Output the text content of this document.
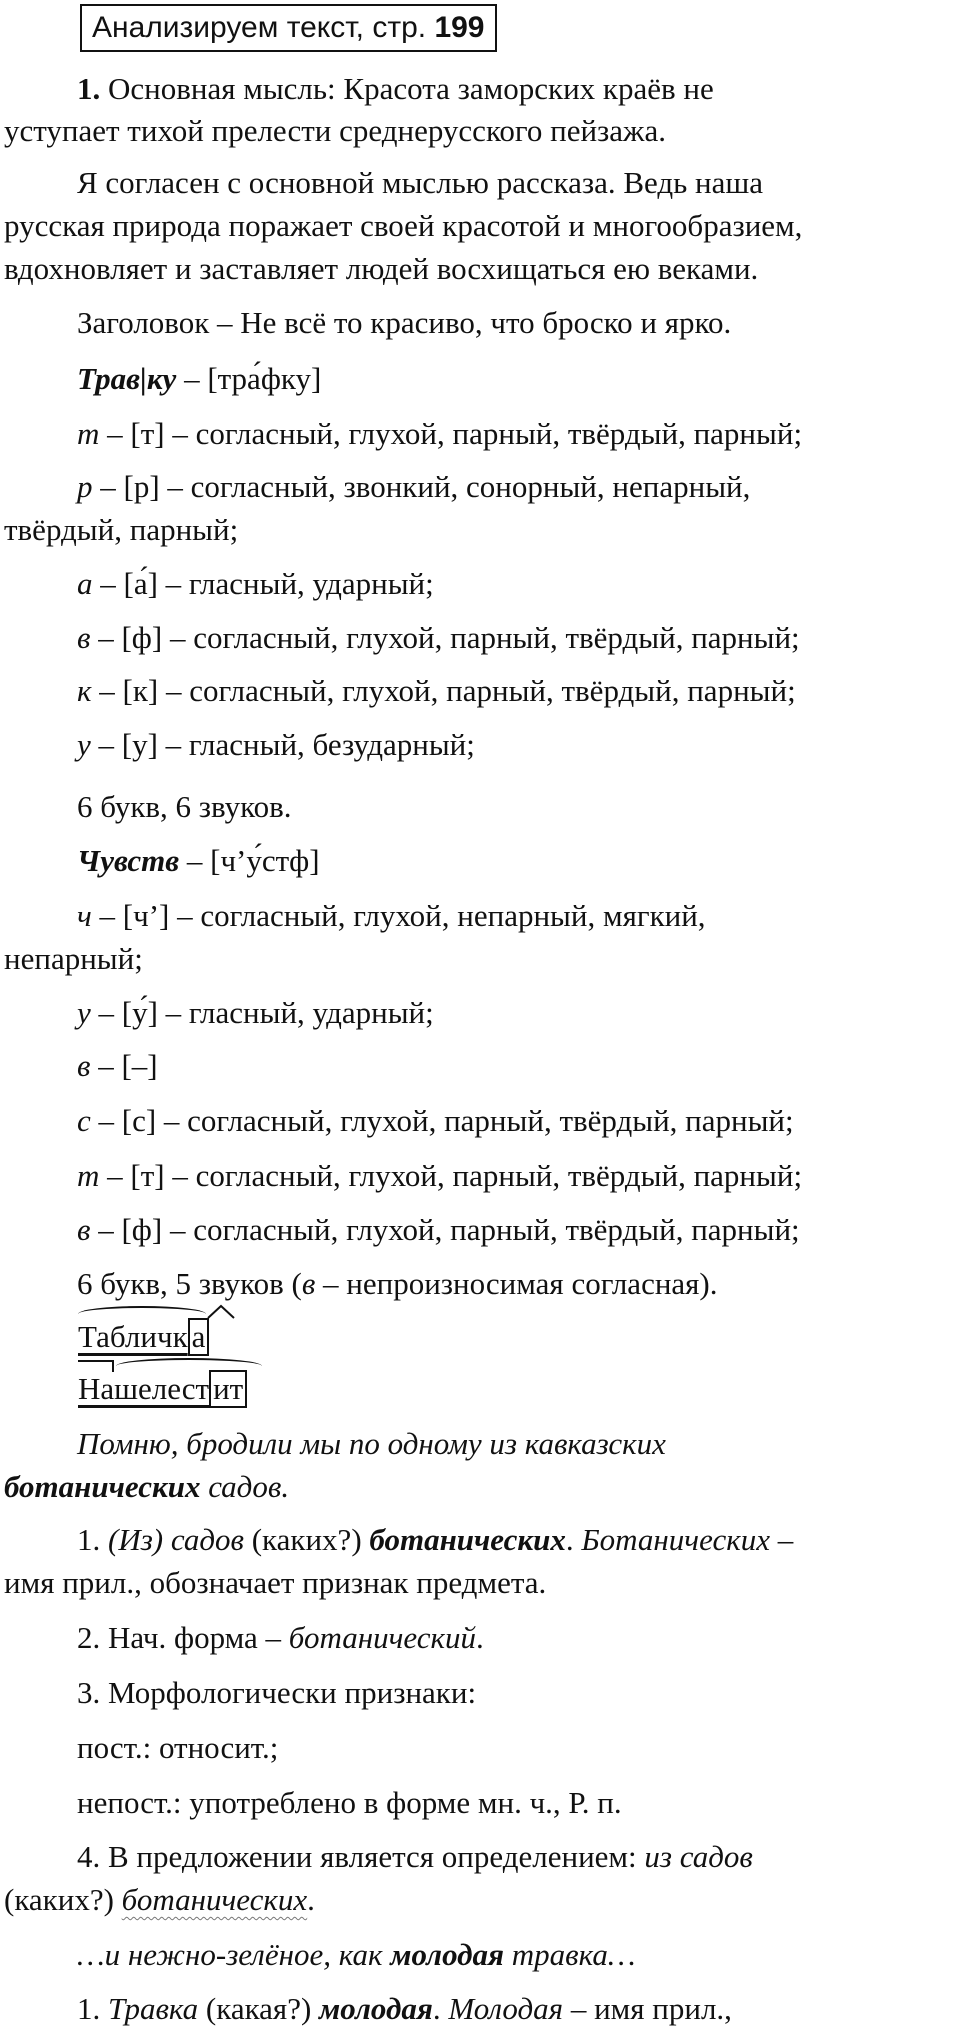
Анализируем текст, стр. 199
1. Основная мысль: Красота заморских краёв не
уступает тихой прелести среднерусского пейзажа.
Я согласен с основной мыслью рассказа. Ведь наша
русская природа поражает своей красотой и многообразием,
вдохновляет и заставляет людей восхищаться ею веками.
Заголовок – Не всё то красиво, что броско и ярко.
Трав|ку – [тра́фку]
т – [т] – согласный, глухой, парный, твёрдый, парный;
р – [р] – согласный, звонкий, сонорный, непарный,
твёрдый, парный;
а – [а́] – гласный, ударный;
в – [ф] – согласный, глухой, парный, твёрдый, парный;
к – [к] – согласный, глухой, парный, твёрдый, парный;
у – [у] – гласный, безударный;
ч – [ч’] – согласный, глухой, непарный, мягкий,
непарный;
у – [у́] – гласный, ударный;
в – [–]
с – [с] – согласный, глухой, парный, твёрдый, парный;
т – [т] – согласный, глухой, парный, твёрдый, парный;
в – [ф] – согласный, глухой, парный, твёрдый, парный;
6 букв, 6 звуков.
Чувств – [ч’у́стф]
6 букв, 5 звуков (в – непроизносимая согласная).
Табличк а
Нашелест ит
Помню, бродили мы по одному из кавказских
ботанических садов.
1. (Из) садов (каких?) ботанических. Ботанических –
имя прил., обозначает признак предмета.
2. Нач. форма – ботанический.
3. Морфологически признаки:
пост.: относит.;
непост.: употреблено в форме мн. ч., Р. п.
4. В предложении является определением: из садов
(каких?) ботанических.
…и нежно-зелёное, как молодая травка…
1. Травка (какая?) молодая. Молодая – имя прил.,
